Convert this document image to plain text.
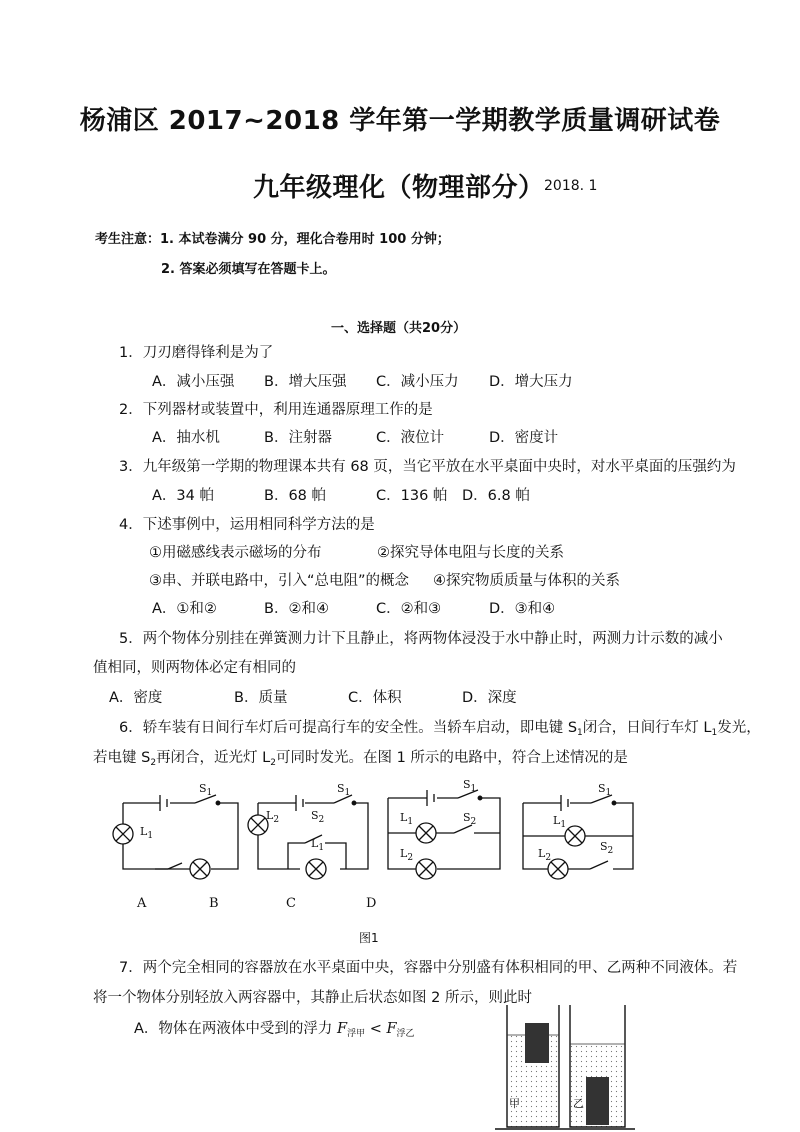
杨浦区 2017~2018 学年第一学期教学质量调研试卷
九年级理化（物理部分） 2018. 1
考生注意：1. 本试卷满分 90 分，理化合卷用时 100 分钟；
2. 答案必须填写在答题卡上。
一、选择题（共20分）
1．刀刃磨得锋利是为了
A．减小压强 B．增大压强 C．减小压力 D．增大压力
2．下列器材或装置中，利用连通器原理工作的是
A．抽水机	B．注射器	C．液位计	D．密度计
3．九年级第一学期的物理课本共有 68 页，当它平放在水平桌面中央时，对水平桌面的压强约为
A．34 帕	B．68 帕	C．136 帕 D．6.8 帕
4．下述事例中，运用相同科学方法的是
①用磁感线表示磁场的分布	②探究导体电阻与长度的关系
③串、并联电路中，引入“总电阻”的概念 ④探究物质质量与体积的关系
A．①和②	B．②和④	C．②和③	D．③和④
5．两个物体分别挂在弹簧测力计下且静止，将两物体浸没于水中静止时，两测力计示数的减小
值相同，则两物体必定有相同的
A．密度	B．质量	C．体积	D．深度
6．轿车装有日间行车灯后可提高行车的安全性。当轿车启动，即电键 $S_1$闭合，日间行车灯 $L_1$发光，
若电键 $S_2$再闭合，近光灯 $L_2$可同时发光。在图 1 所示的电路中，符合上述情况的是
$S_1$
$L_1$
$S_1$
$L_2$	$S_2$
$L_1$
$S_1$
$L_1$	$S_2$
$L_2$
$S_1$
$L_1$
$L_2$
$S_2$
A	B	C	D
图1
7．两个完全相同的容器放在水平桌面中央，容器中分别盛有体积相同的甲、乙两种不同液体。若
将一个物体分别轻放入两容器中，其静止后状态如图 2 所示，则此时
A．物体在两液体中受到的浮力 $F_{浮甲} < F_{浮乙}$
甲	乙
